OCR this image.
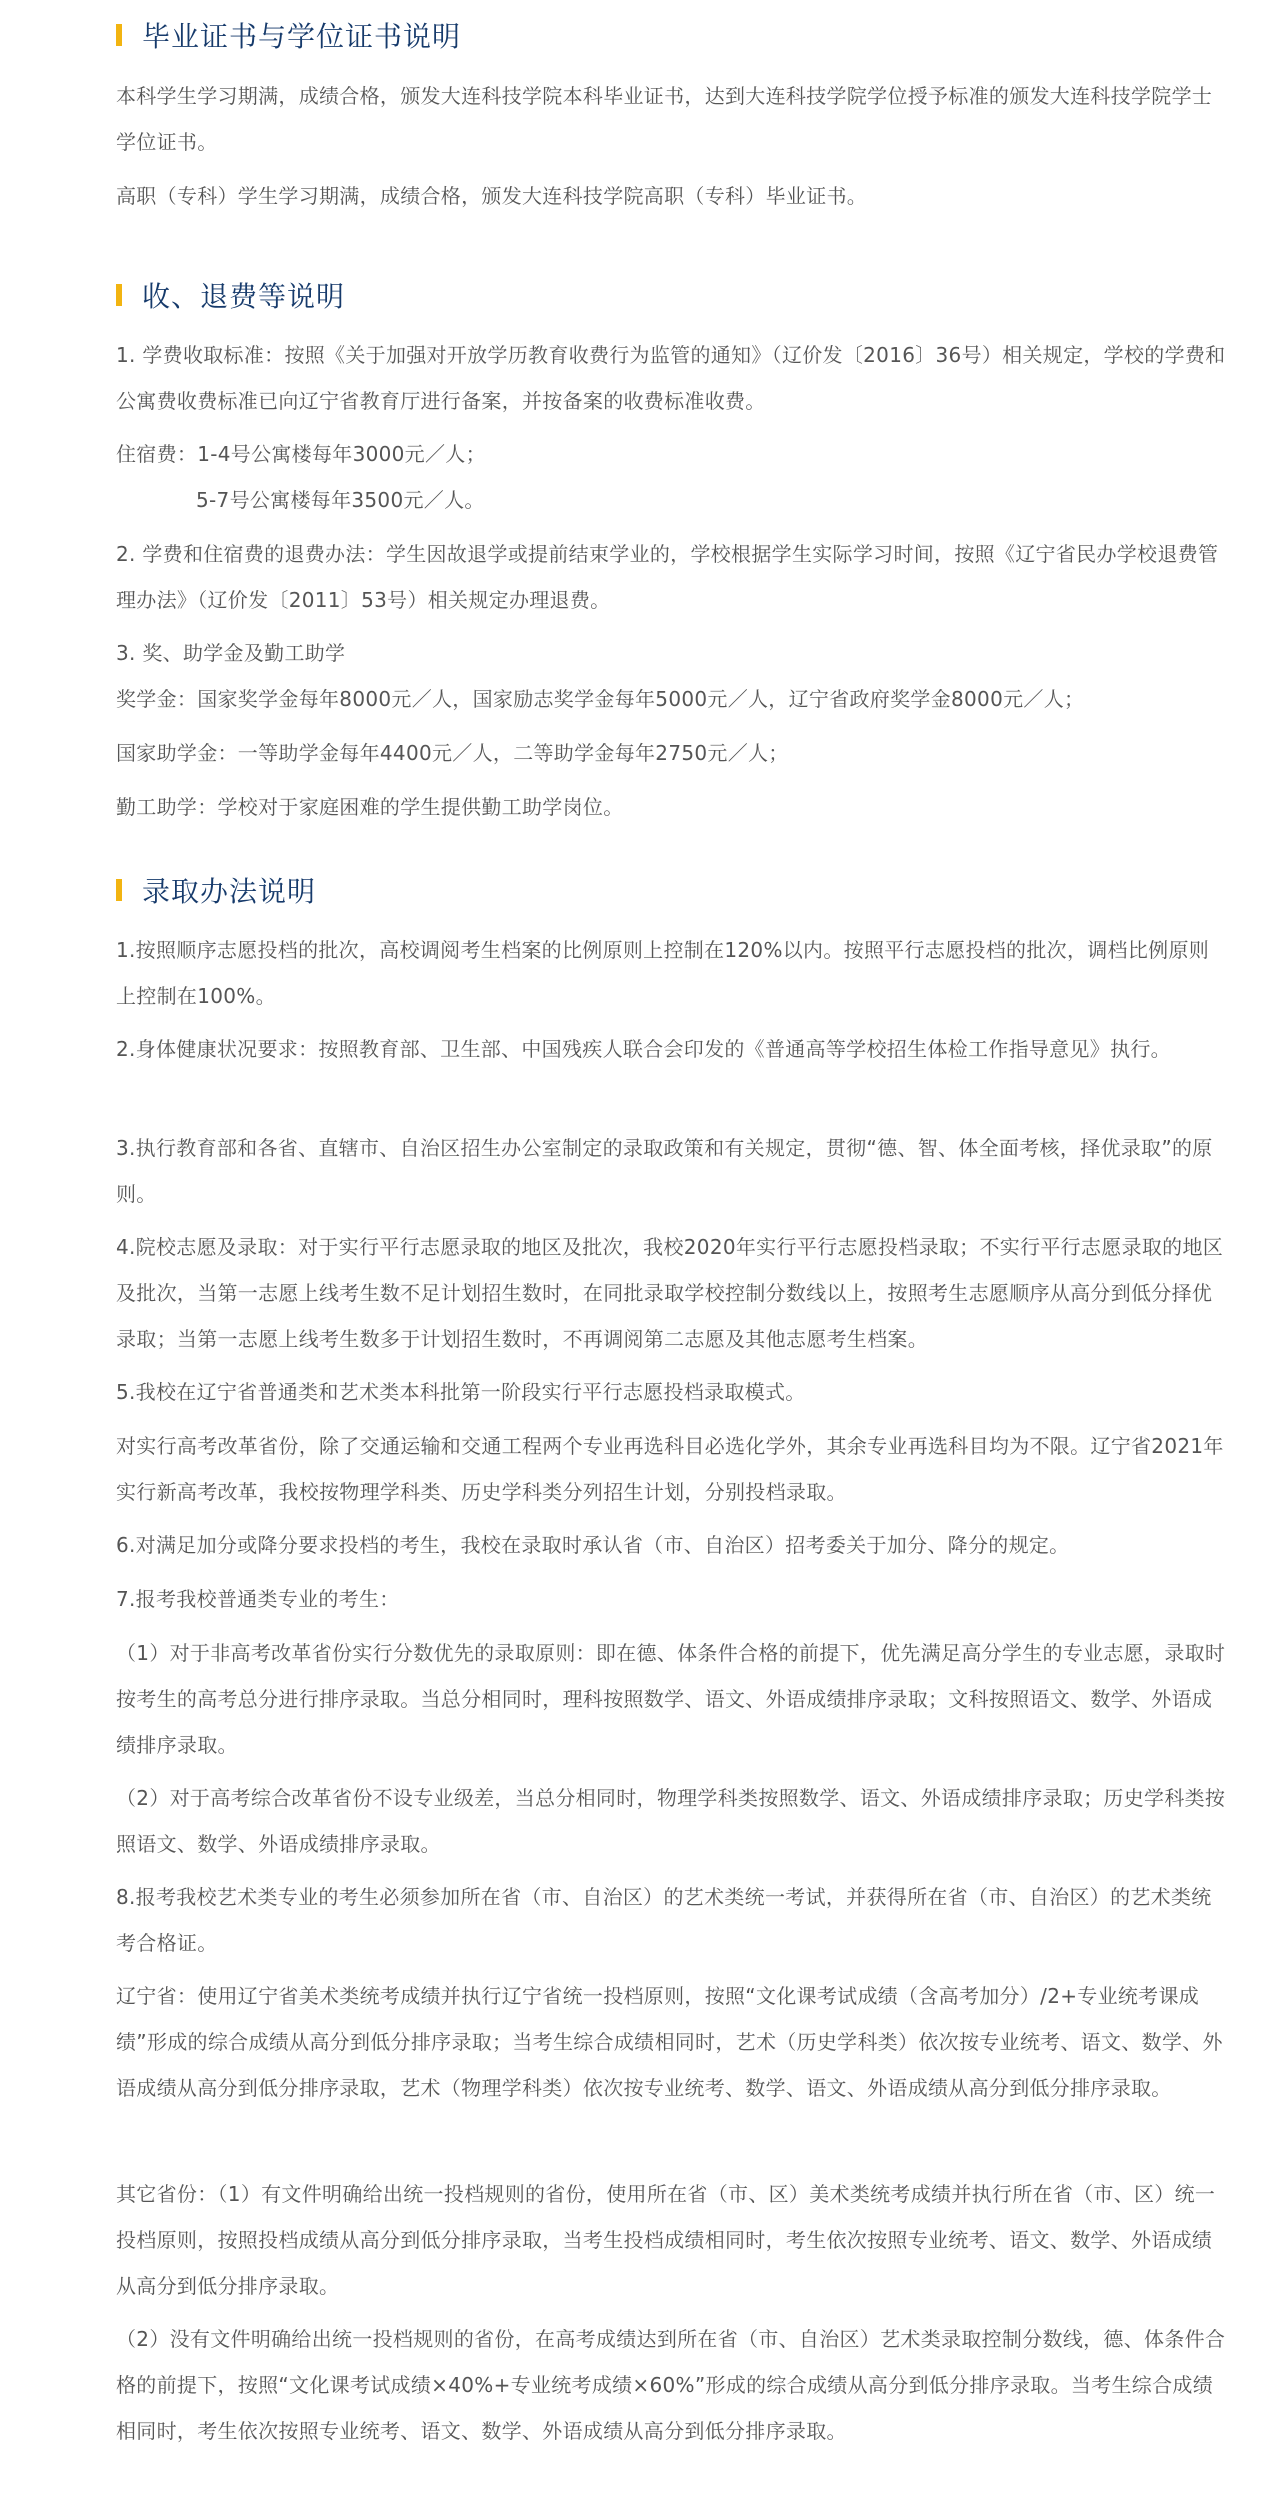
毕业证书与学位证书说明
本科学生学习期满，成绩合格，颁发大连科技学院本科毕业证书，达到大连科技学院学位授予标准的颁发大连科技学院学士学位证书。
高职（专科）学生学习期满，成绩合格，颁发大连科技学院高职（专科）毕业证书。
收、退费等说明
1. 学费收取标准：按照《关于加强对开放学历教育收费行为监管的通知》（辽价发〔2016〕36号）相关规定，学校的学费和公寓费收费标准已向辽宁省教育厅进行备案，并按备案的收费标准收费。
住宿费：1-4号公寓楼每年3000元／人；
5-7号公寓楼每年3500元／人。
2. 学费和住宿费的退费办法：学生因故退学或提前结束学业的，学校根据学生实际学习时间，按照《辽宁省民办学校退费管理办法》（辽价发〔2011〕53号）相关规定办理退费。
3. 奖、助学金及勤工助学
奖学金：国家奖学金每年8000元／人，国家励志奖学金每年5000元／人，辽宁省政府奖学金8000元／人；
国家助学金：一等助学金每年4400元／人，二等助学金每年2750元／人；
勤工助学：学校对于家庭困难的学生提供勤工助学岗位。
录取办法说明
1.按照顺序志愿投档的批次，高校调阅考生档案的比例原则上控制在120%以内。按照平行志愿投档的批次，调档比例原则上控制在100%。
2.身体健康状况要求：按照教育部、卫生部、中国残疾人联合会印发的《普通高等学校招生体检工作指导意见》执行。
3.执行教育部和各省、直辖市、自治区招生办公室制定的录取政策和有关规定，贯彻“德、智、体全面考核，择优录取”的原则。
4.院校志愿及录取：对于实行平行志愿录取的地区及批次，我校2020年实行平行志愿投档录取；不实行平行志愿录取的地区及批次，当第一志愿上线考生数不足计划招生数时，在同批录取学校控制分数线以上，按照考生志愿顺序从高分到低分择优录取；当第一志愿上线考生数多于计划招生数时，不再调阅第二志愿及其他志愿考生档案。
5.我校在辽宁省普通类和艺术类本科批第一阶段实行平行志愿投档录取模式。
对实行高考改革省份，除了交通运输和交通工程两个专业再选科目必选化学外，其余专业再选科目均为不限。辽宁省2021年实行新高考改革，我校按物理学科类、历史学科类分列招生计划，分别投档录取。
6.对满足加分或降分要求投档的考生，我校在录取时承认省（市、自治区）招考委关于加分、降分的规定。
7.报考我校普通类专业的考生：
（1）对于非高考改革省份实行分数优先的录取原则：即在德、体条件合格的前提下，优先满足高分学生的专业志愿，录取时按考生的高考总分进行排序录取。当总分相同时，理科按照数学、语文、外语成绩排序录取；文科按照语文、数学、外语成绩排序录取。
（2）对于高考综合改革省份不设专业级差，当总分相同时，物理学科类按照数学、语文、外语成绩排序录取；历史学科类按照语文、数学、外语成绩排序录取。
8.报考我校艺术类专业的考生必须参加所在省（市、自治区）的艺术类统一考试，并获得所在省（市、自治区）的艺术类统考合格证。
辽宁省：使用辽宁省美术类统考成绩并执行辽宁省统一投档原则，按照“文化课考试成绩（含高考加分）/2+专业统考课成绩”形成的综合成绩从高分到低分排序录取；当考生综合成绩相同时，艺术（历史学科类）依次按专业统考、语文、数学、外语成绩从高分到低分排序录取，艺术（物理学科类）依次按专业统考、数学、语文、外语成绩从高分到低分排序录取。
其它省份：（1）有文件明确给出统一投档规则的省份，使用所在省（市、区）美术类统考成绩并执行所在省（市、区）统一投档原则，按照投档成绩从高分到低分排序录取，当考生投档成绩相同时，考生依次按照专业统考、语文、数学、外语成绩从高分到低分排序录取。
（2）没有文件明确给出统一投档规则的省份，在高考成绩达到所在省（市、自治区）艺术类录取控制分数线，德、体条件合格的前提下，按照“文化课考试成绩×40%+专业统考成绩×60%”形成的综合成绩从高分到低分排序录取。当考生综合成绩相同时，考生依次按照专业统考、语文、数学、外语成绩从高分到低分排序录取。
